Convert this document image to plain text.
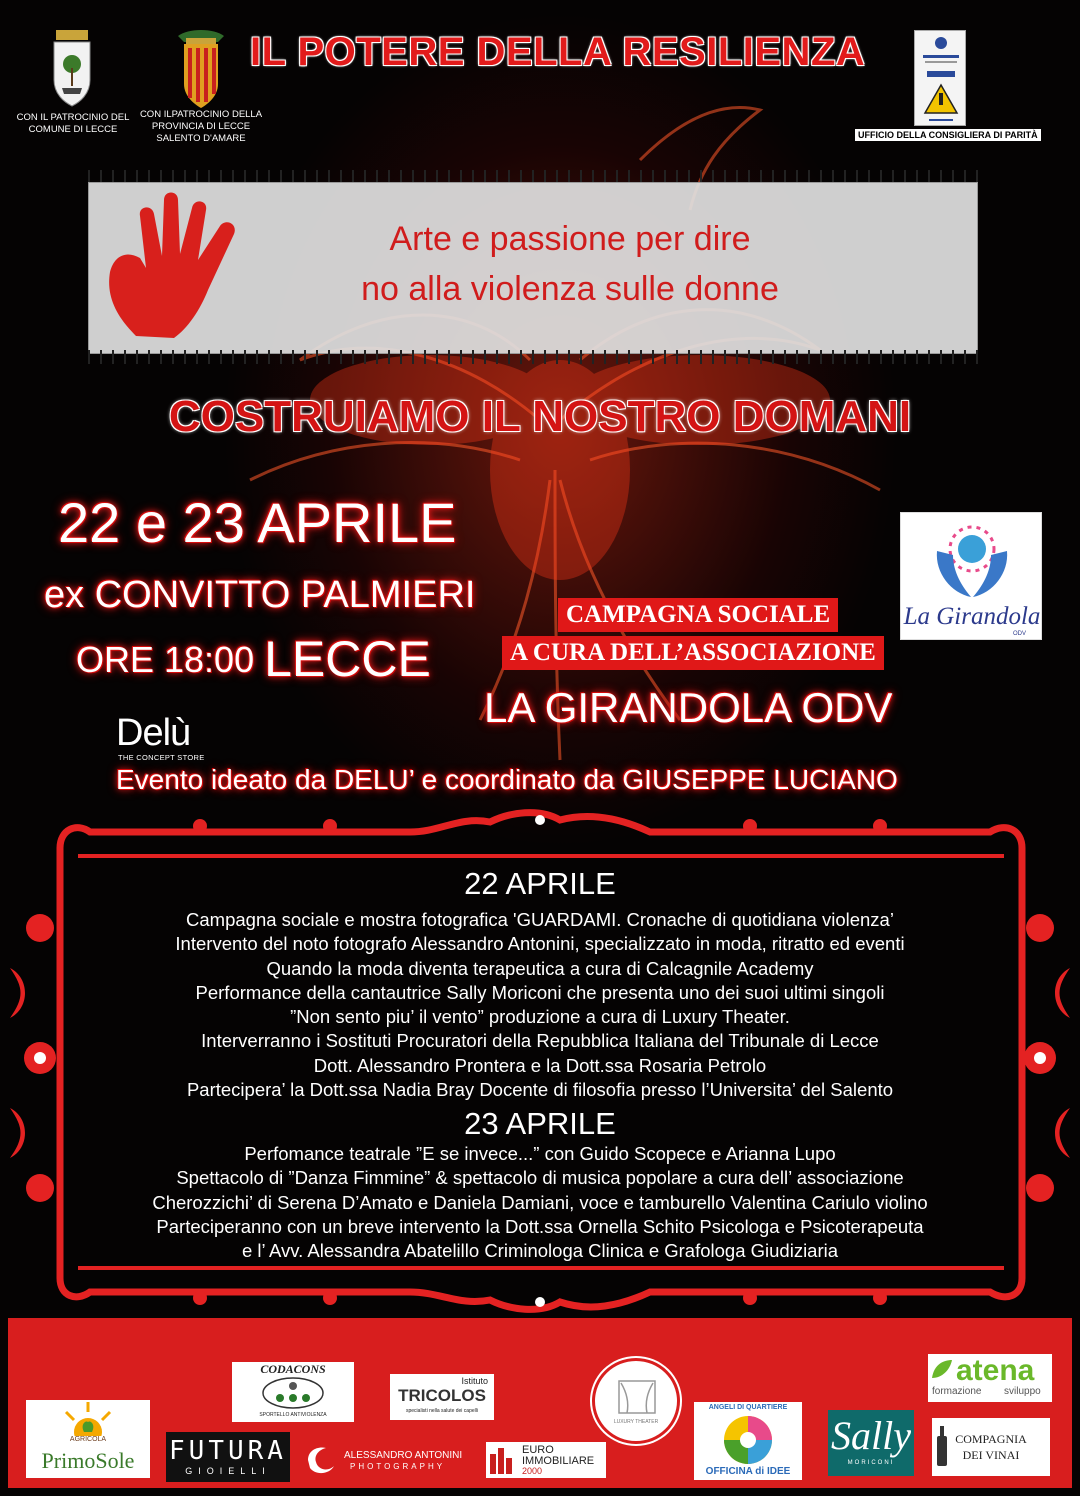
CON IL PATROCINIO DEL
COMUNE DI LECCE
CON ILPATROCINIO DELLA
PROVINCIA DI LECCE
SALENTO D'AMARE
IL POTERE DELLA RESILIENZA
UFFICIO DELLA CONSIGLIERA DI PARITÀ
Arte e passione per dire
no alla violenza sulle donne
COSTRUIAMO IL NOSTRO DOMANI
22 e 23 APRILE
ex CONVITTO PALMIERI
ORE 18:00 LECCE
CAMPAGNA SOCIALE
A CURA DELL’ASSOCIAZIONE
LA GIRANDOLA ODV
La Girandola
ODV
Delù
THE CONCEPT STORE
Evento ideato da DELU’ e coordinato da GIUSEPPE LUCIANO
22 APRILE
Campagna sociale e mostra fotografica 'GUARDAMI. Cronache di quotidiana violenza’
Intervento del noto fotografo Alessandro Antonini, specializzato in moda, ritratto ed eventi
Quando la moda diventa terapeutica a cura di Calcagnile Academy
Performance della cantautrice Sally Moriconi che presenta uno dei suoi ultimi singoli
”Non sento piu’ il vento” produzione a cura di Luxury Theater.
Interverranno i Sostituti Procuratori della Repubblica Italiana del Tribunale di Lecce
Dott. Alessandro Prontera e la Dott.ssa Rosaria Petrolo
Partecipera’ la Dott.ssa Nadia Bray Docente di filosofia presso l’Universita’ del Salento
23 APRILE
Perfomance teatrale ”E se invece...” con Guido Scopece e Arianna Lupo
Spettacolo di ”Danza Fimmine” & spettacolo di musica popolare a cura dell’ associazione
Cherozzichi’ di Serena D’Amato e Daniela Damiani, voce e tamburello Valentina Cariulo violino
Parteciperanno con un breve intervento la Dott.ssa Ornella Schito Psicologa e Psicoterapeuta
e l’ Avv. Alessandra Abatelillo Criminologa Clinica e Grafologa Giudiziaria
AGRICOLA
PrimoSole
CODACONS
SPORTELLO ANTIVIOLENZA
FUTURA
GIOIELLI
ALESSANDRO ANTONINI
PHOTOGRAPHY
Istituto
TRICOLOS
specialisti nella salute dei capelli
EURO
IMMOBILIARE
2000
LUXURY THEATER
ANGELI DI QUARTIERE
OFFICINA di IDEE
Sally
MORICONI
atena
formazione sviluppo
COMPAGNIA
DEI VINAI
